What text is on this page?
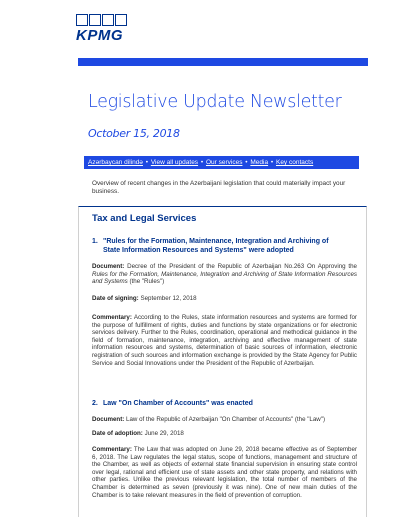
KPMG
Legislative Update Newsletter
October 15, 2018
Azərbaycan dilində • View all updates • Our services • Media • Key contacts
Overview of recent changes in the Azerbaijani legislation that could materially impact your business.
Tax and Legal Services
1. "Rules for the Formation, Maintenance, Integration and Archiving of
State Information Resources and Systems" were adopted
Document: Decree of the President of the Republic of Azerbaijan No.263 On Approving the Rules for the Formation, Maintenance, Integration and Archiving of State Information Resources and Systems (the "Rules")
Date of signing: September 12, 2018
Commentary: According to the Rules, state information resources and systems are formed for the purpose of fulfillment of rights, duties and functions by state organizations or for electronic services delivery. Further to the Rules, coordination, operational and methodical guidance in the field of formation, maintenance, integration, archiving and effective management of state information resources and systems, determination of basic sources of information, electronic registration of such sources and information exchange is provided by the State Agency for Public Service and Social Innovations under the President of the Republic of Azerbaijan.
2. Law "On Chamber of Accounts" was enacted
Document: Law of the Republic of Azerbaijan "On Chamber of Accounts" (the "Law")
Date of adoption: June 29, 2018
Commentary: The Law that was adopted on June 29, 2018 became effective as of September 6, 2018. The Law regulates the legal status, scope of functions, management and structure of the Chamber, as well as objects of external state financial supervision in ensuring state control over legal, rational and efficient use of state assets and other state property, and relations with other parties. Unlike the previous relevant legislation, the total number of members of the Chamber is determined as seven (previously it was nine). One of new main duties of the Chamber is to take relevant measures in the field of prevention of corruption.
